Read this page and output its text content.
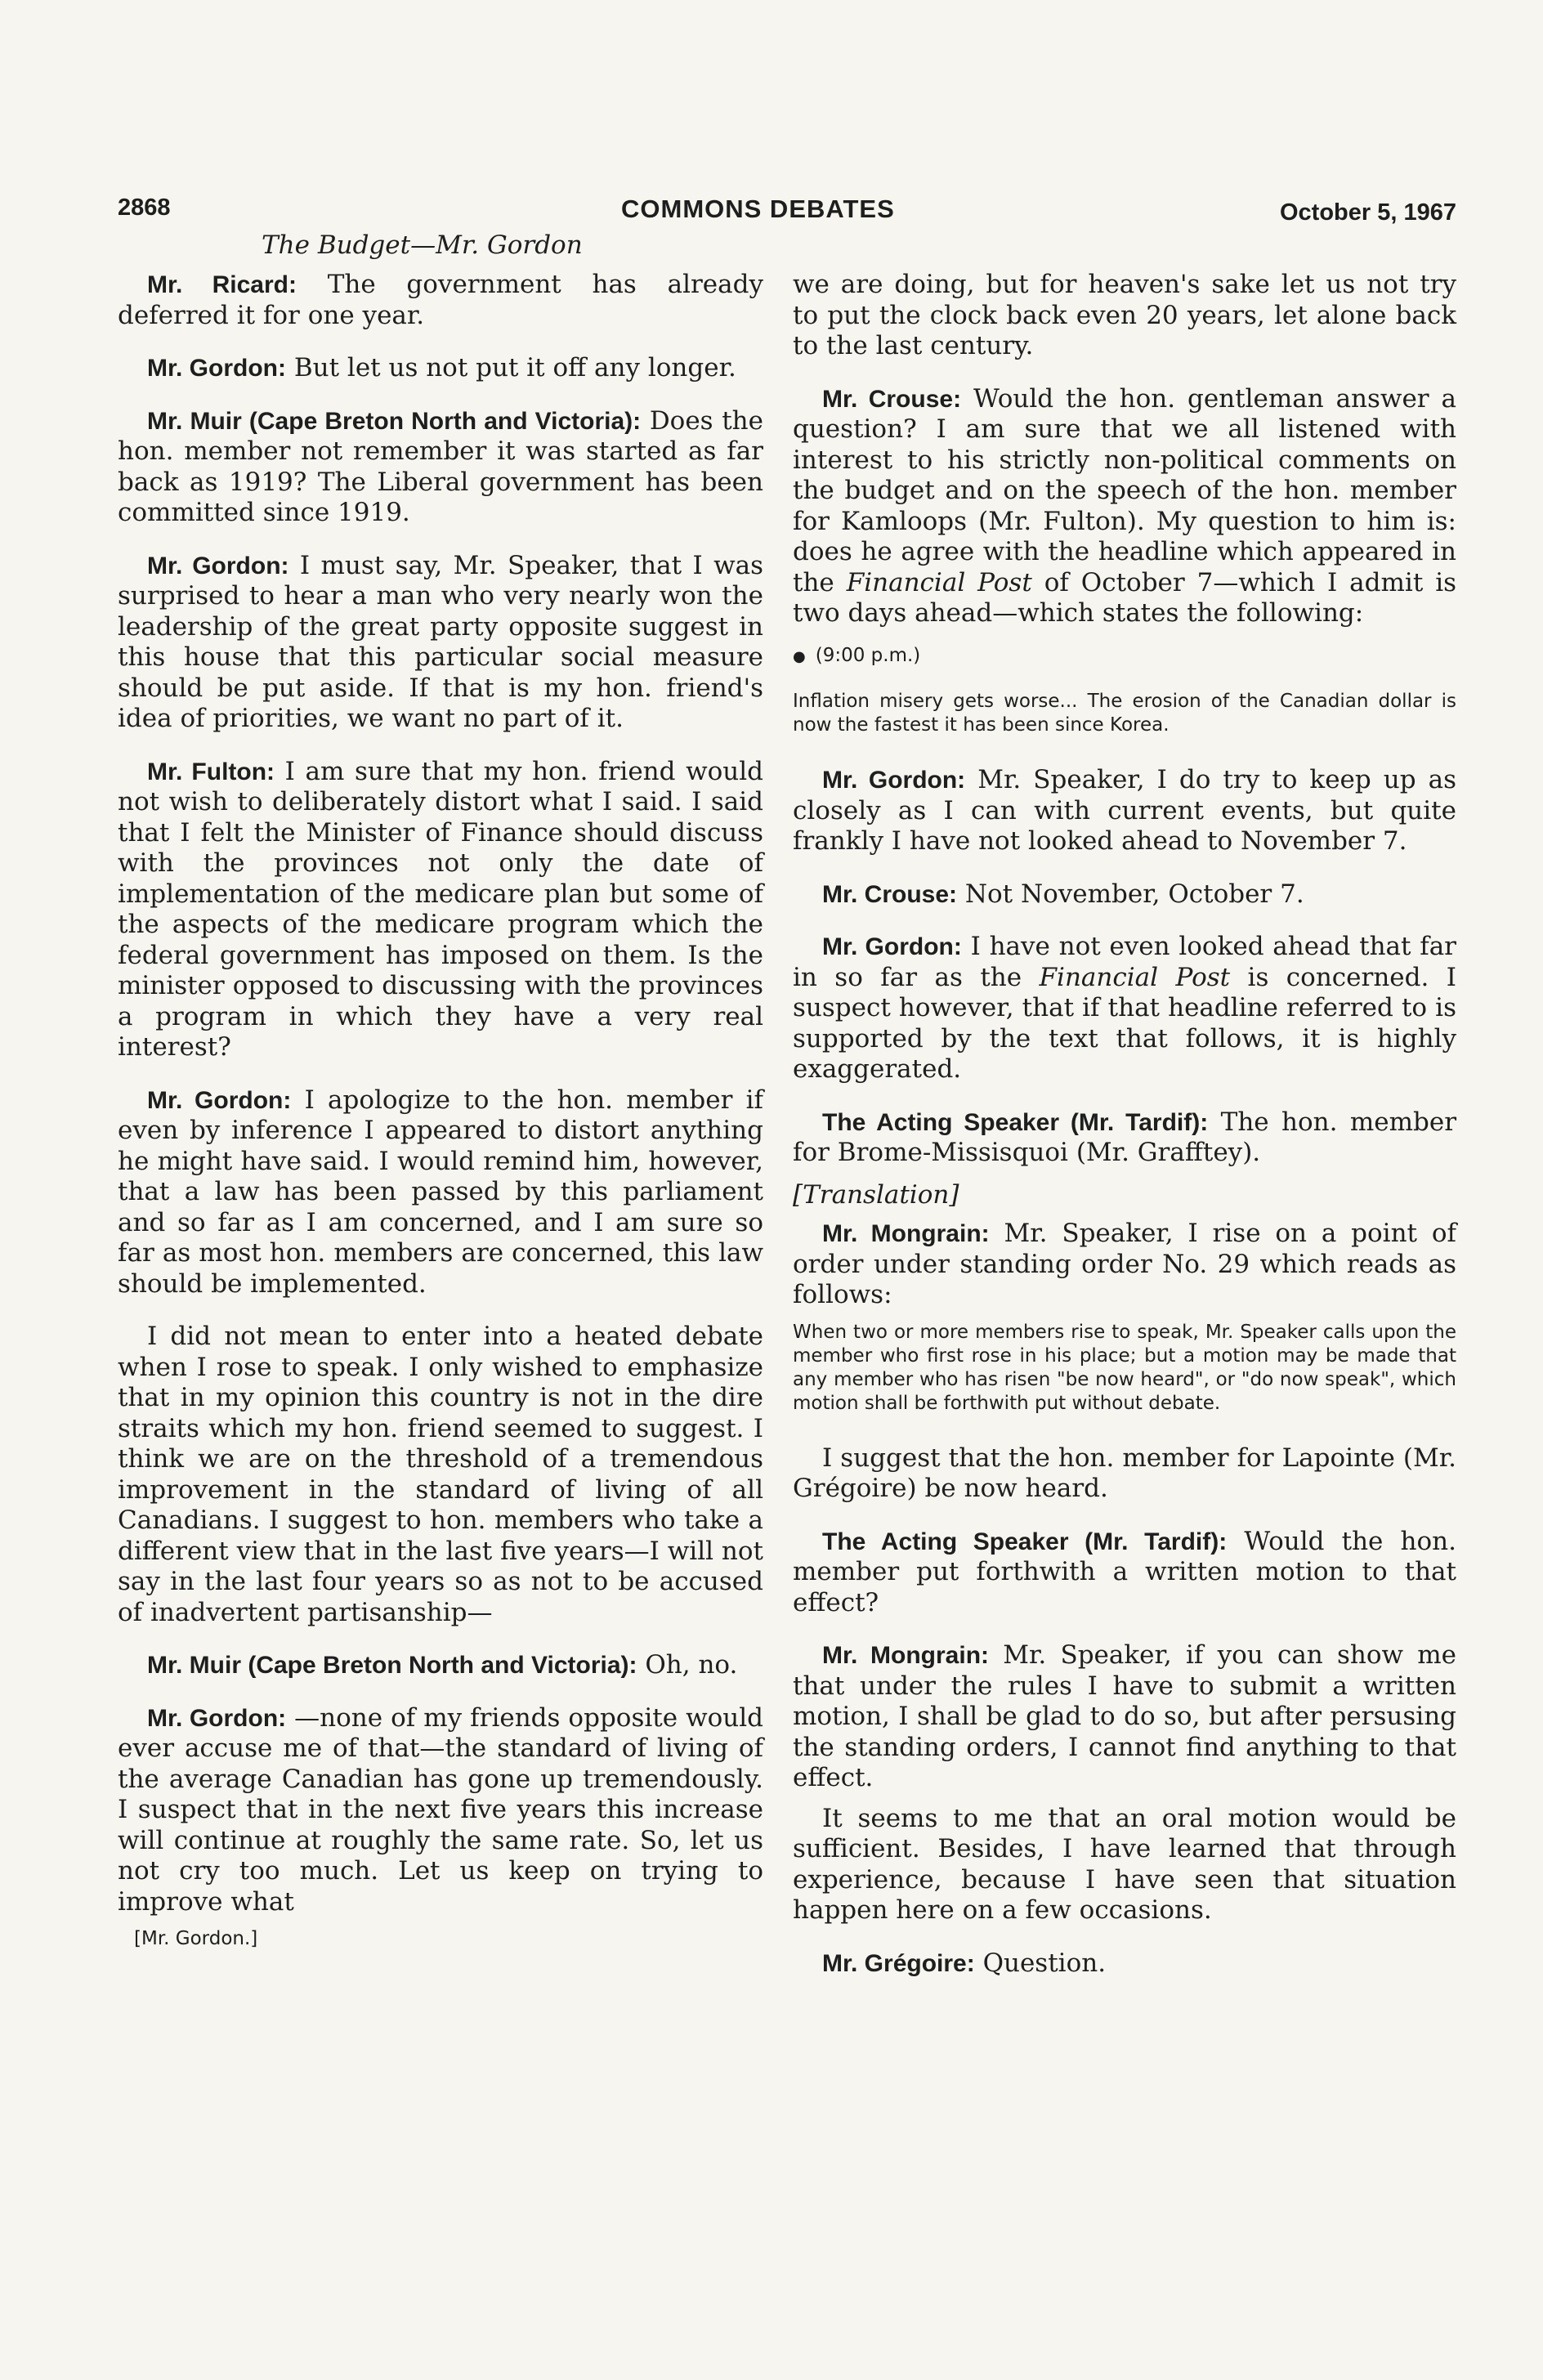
2868	COMMONS DEBATES	October 5, 1967
The Budget—Mr. Gordon

Mr. Ricard: The government has already deferred it for one year.

Mr. Gordon: But let us not put it off any longer.

Mr. Muir (Cape Breton North and Victoria): Does the hon. member not remember it was started as far back as 1919? The Liberal government has been committed since 1919.

Mr. Gordon: I must say, Mr. Speaker, that I was surprised to hear a man who very nearly won the leadership of the great party opposite suggest in this house that this particular social measure should be put aside. If that is my hon. friend's idea of priorities, we want no part of it.

Mr. Fulton: I am sure that my hon. friend would not wish to deliberately distort what I said. I said that I felt the Minister of Finance should discuss with the provinces not only the date of implementation of the medicare plan but some of the aspects of the medicare program which the federal government has imposed on them. Is the minister opposed to discussing with the provinces a program in which they have a very real interest?

Mr. Gordon: I apologize to the hon. member if even by inference I appeared to distort anything he might have said. I would remind him, however, that a law has been passed by this parliament and so far as I am concerned, and I am sure so far as most hon. members are concerned, this law should be implemented.

I did not mean to enter into a heated debate when I rose to speak. I only wished to emphasize that in my opinion this country is not in the dire straits which my hon. friend seemed to suggest. I think we are on the threshold of a tremendous improvement in the standard of living of all Canadians. I suggest to hon. members who take a different view that in the last five years—I will not say in the last four years so as not to be accused of inadvertent partisanship—

Mr. Muir (Cape Breton North and Victoria): Oh, no.

Mr. Gordon: —none of my friends opposite would ever accuse me of that—the standard of living of the average Canadian has gone up tremendously. I suspect that in the next five years this increase will continue at roughly the same rate. So, let us not cry too much. Let us keep on trying to improve what

[Mr. Gordon.]

we are doing, but for heaven's sake let us not try to put the clock back even 20 years, let alone back to the last century.

Mr. Crouse: Would the hon. gentleman answer a question? I am sure that we all listened with interest to his strictly non-political comments on the budget and on the speech of the hon. member for Kamloops (Mr. Fulton). My question to him is: does he agree with the headline which appeared in the Financial Post of October 7—which I admit is two days ahead—which states the following:

● (9:00 p.m.)

Inflation misery gets worse... The erosion of the Canadian dollar is now the fastest it has been since Korea.

Mr. Gordon: Mr. Speaker, I do try to keep up as closely as I can with current events, but quite frankly I have not looked ahead to November 7.

Mr. Crouse: Not November, October 7.

Mr. Gordon: I have not even looked ahead that far in so far as the Financial Post is concerned. I suspect however, that if that headline referred to is supported by the text that follows, it is highly exaggerated.

The Acting Speaker (Mr. Tardif): The hon. member for Brome-Missisquoi (Mr. Grafftey).

[Translation]

Mr. Mongrain: Mr. Speaker, I rise on a point of order under standing order No. 29 which reads as follows:

When two or more members rise to speak, Mr. Speaker calls upon the member who first rose in his place; but a motion may be made that any member who has risen "be now heard", or "do now speak", which motion shall be forthwith put without debate.

I suggest that the hon. member for Lapointe (Mr. Grégoire) be now heard.

The Acting Speaker (Mr. Tardif): Would the hon. member put forthwith a written motion to that effect?

Mr. Mongrain: Mr. Speaker, if you can show me that under the rules I have to submit a written motion, I shall be glad to do so, but after persusing the standing orders, I cannot find anything to that effect.

It seems to me that an oral motion would be sufficient. Besides, I have learned that through experience, because I have seen that situation happen here on a few occasions.

Mr. Grégoire: Question.
